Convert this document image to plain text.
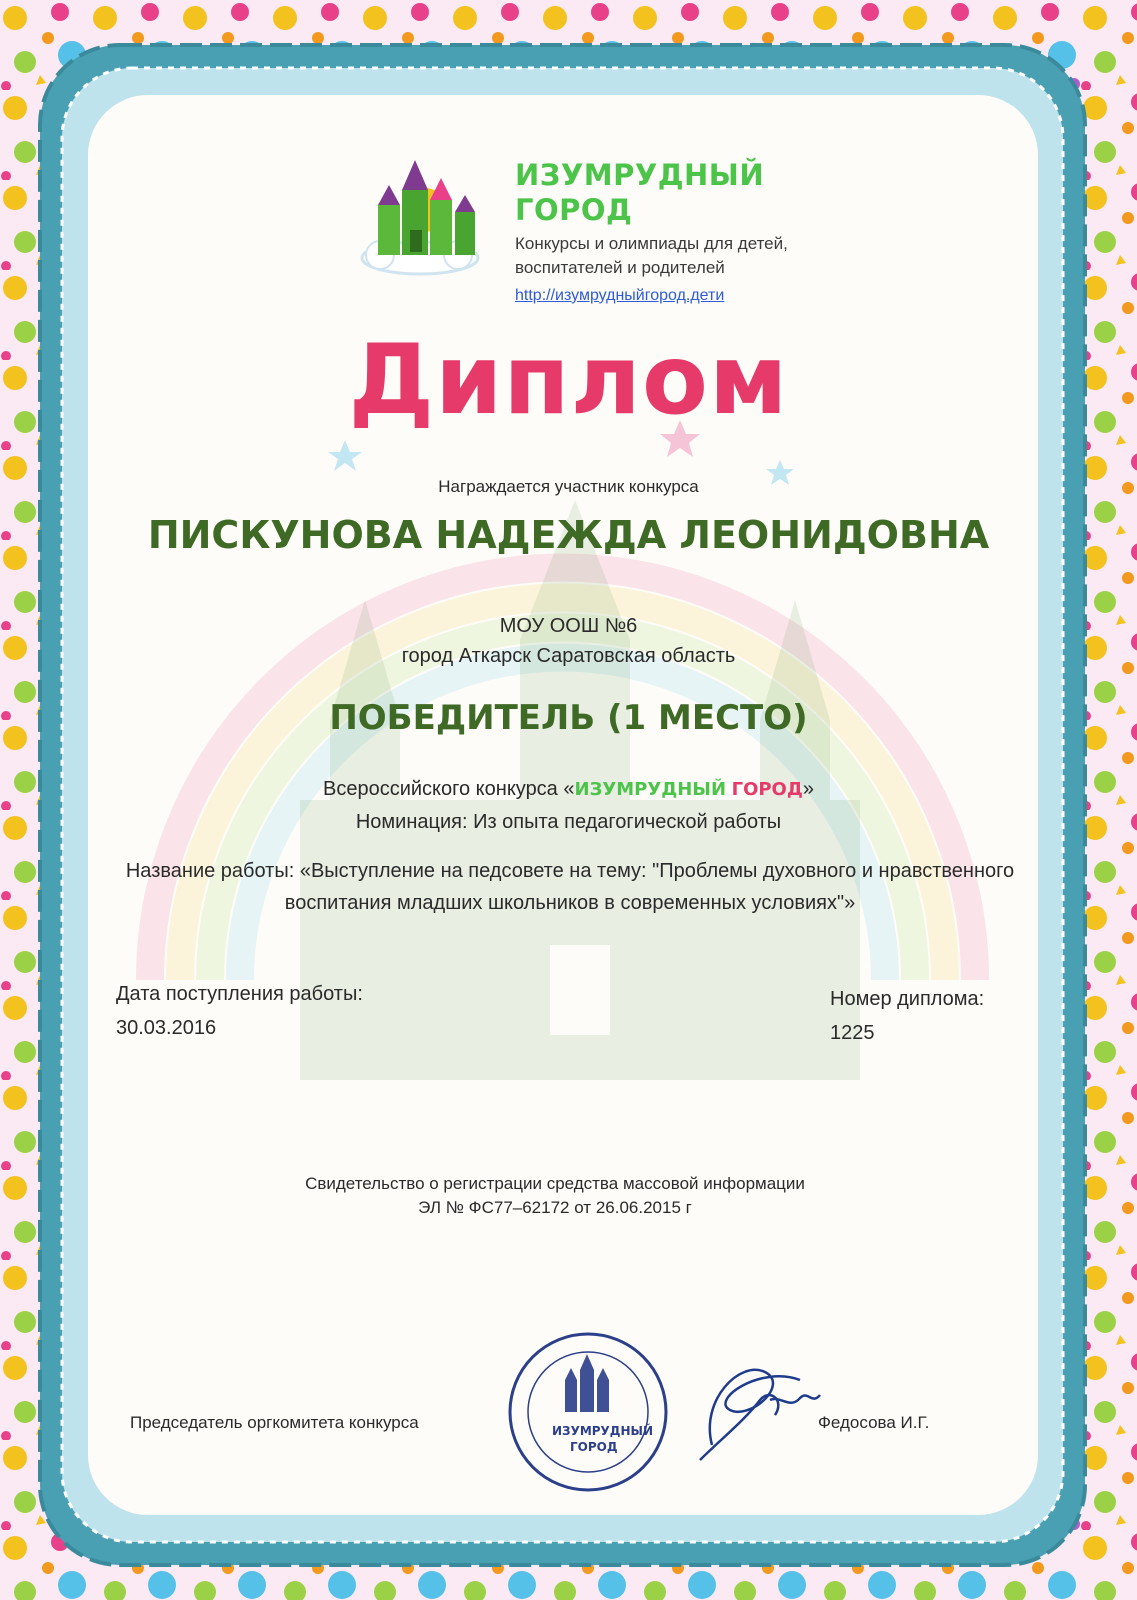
ИЗУМРУДНЫЙ
ГОРОД
Конкурсы и олимпиады для детей, воспитателей и родителей
http://изумрудныйгород.дети
Диплом
Награждается участник конкурса
ПИСКУНОВА НАДЕЖДА ЛЕОНИДОВНА
МОУ ООШ №6
город Аткарск Саратовская область
ПОБЕДИТЕЛЬ (1 МЕСТО)
Всероссийского конкурса «ИЗУМРУДНЫЙ ГОРОД»
Номинация: Из опыта педагогической работы
Название работы: «Выступление на педсовете на тему: "Проблемы духовного и нравственного воспитания младших школьников в современных условиях"»
Дата поступления работы:
30.03.2016
Номер диплома:
1225
Свидетельство о регистрации средства массовой информации
ЭЛ № ФС77–62172 от 26.06.2015 г
Председатель оргкомитета конкурса	Федосова И.Г.
ИЗУМРУДНЫЙ
ГОРОД
